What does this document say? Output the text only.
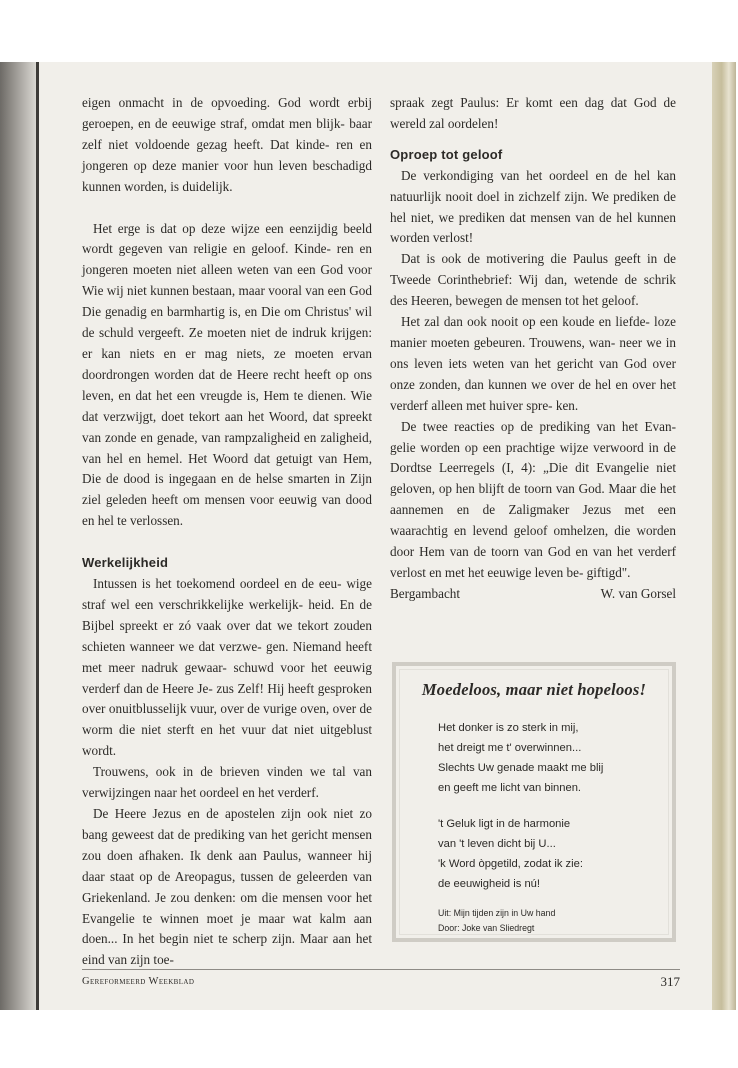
eigen onmacht in de opvoeding. God wordt erbij geroepen, en de eeuwige straf, omdat men blijk- baar zelf niet voldoende gezag heeft. Dat kinde- ren en jongeren op deze manier voor hun leven beschadigd kunnen worden, is duidelijk.

Het erge is dat op deze wijze een eenzijdig beeld wordt gegeven van religie en geloof. Kinde- ren en jongeren moeten niet alleen weten van een God voor Wie wij niet kunnen bestaan, maar vooral van een God Die genadig en barmhartig is, en Die om Christus' wil de schuld vergeeft. Ze moeten niet de indruk krijgen: er kan niets en er mag niets, ze moeten ervan doordrongen worden dat de Heere recht heeft op ons leven, en dat het een vreugde is, Hem te dienen. Wie dat verzwijgt, doet tekort aan het Woord, dat spreekt van zonde en genade, van rampzaligheid en zaligheid, van hel en hemel. Het Woord dat getuigt van Hem, Die de dood is ingegaan en de helse smarten in Zijn ziel geleden heeft om mensen voor eeuwig van dood en hel te verlossen.

Werkelijkheid

Intussen is het toekomend oordeel en de eeu- wige straf wel een verschrikkelijke werkelijk- heid. En de Bijbel spreekt er zó vaak over dat we tekort zouden schieten wanneer we dat verzwe- gen. Niemand heeft met meer nadruk gewaar- schuwd voor het eeuwig verderf dan de Heere Je- zus Zelf! Hij heeft gesproken over onuitblusselijk vuur, over de vurige oven, over de worm die niet sterft en het vuur dat niet uitgeblust wordt.

Trouwens, ook in de brieven vinden we tal van verwijzingen naar het oordeel en het verderf.

De Heere Jezus en de apostelen zijn ook niet zo bang geweest dat de prediking van het gericht mensen zou doen afhaken. Ik denk aan Paulus, wanneer hij daar staat op de Areopagus, tussen de geleerden van Griekenland. Je zou denken: om die mensen voor het Evangelie te winnen moet je maar wat kalm aan doen... In het begin niet te scherp zijn. Maar aan het eind van zijn toe-

spraak zegt Paulus: Er komt een dag dat God de wereld zal oordelen!

Oproep tot geloof

De verkondiging van het oordeel en de hel kan natuurlijk nooit doel in zichzelf zijn. We prediken de hel niet, we prediken dat mensen van de hel kunnen worden verlost!

Dat is ook de motivering die Paulus geeft in de Tweede Corinthebrief: Wij dan, wetende de schrik des Heeren, bewegen de mensen tot het geloof.

Het zal dan ook nooit op een koude en liefde- loze manier moeten gebeuren. Trouwens, wan- neer we in ons leven iets weten van het gericht van God over onze zonden, dan kunnen we over de hel en over het verderf alleen met huiver spre- ken.

De twee reacties op de prediking van het Evan- gelie worden op een prachtige wijze verwoord in de Dordtse Leerregels (I, 4): „Die dit Evangelie niet geloven, op hen blijft de toorn van God. Maar die het aannemen en de Zaligmaker Jezus met een waarachtig en levend geloof omhelzen, die worden door Hem van de toorn van God en van het verderf verlost en met het eeuwige leven be- giftigd".

Bergambacht	W. van Gorsel
Moedeloos, maar niet hopeloos!
Het donker is zo sterk in mij,
het dreigt me t' overwinnen...
Slechts Uw genade maakt me blij
en geeft me licht van binnen.
't Geluk ligt in de harmonie
van 't leven dicht bij U...
'k Word òpgetild, zodat ik zie:
de eeuwigheid is nú!
Uit: Mijn tijden zijn in Uw hand
Door: Joke van Sliedregt
Gereformeerd Weekblad	317
